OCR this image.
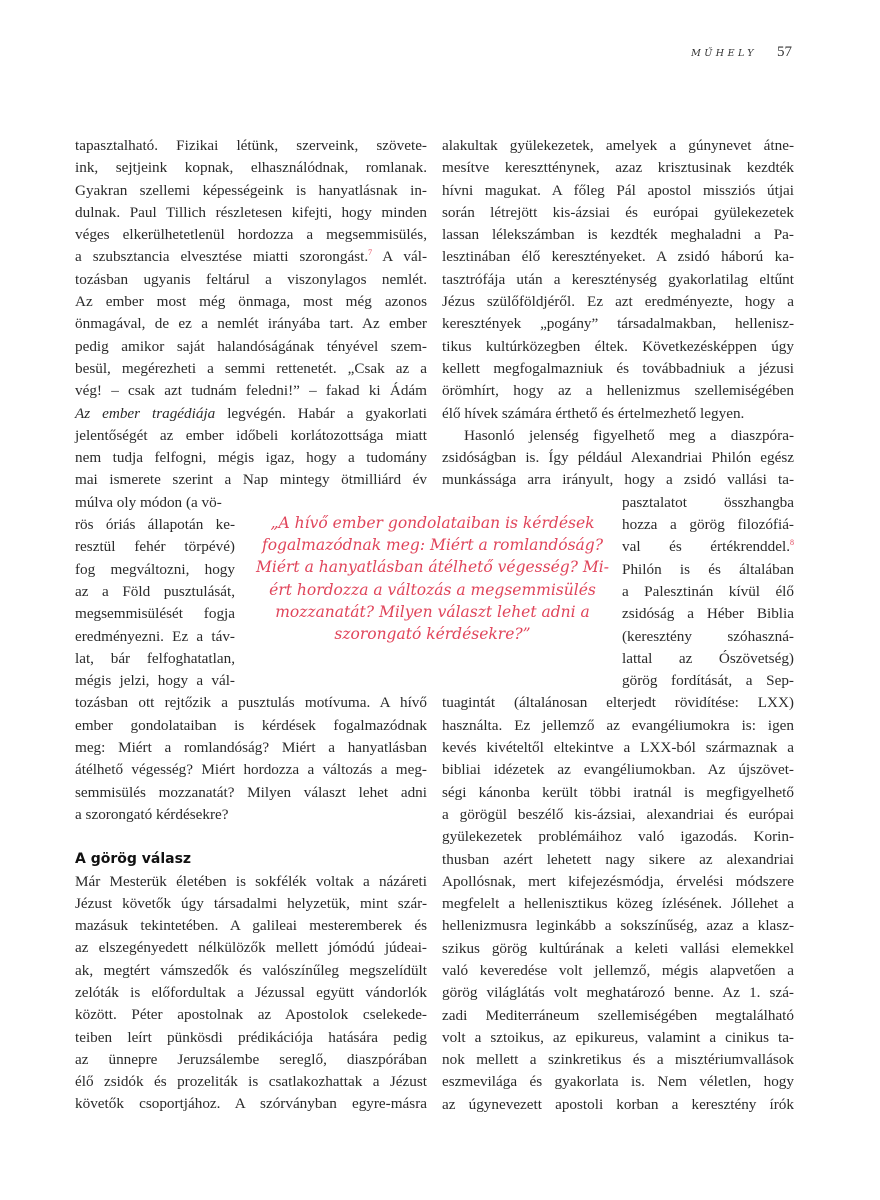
MŰHELY 57
tapasztalható. Fizikai létünk, szerveink, szövete-
ink, sejtjeink kopnak, elhasználódnak, romlanak.
Gyakran szellemi képességeink is hanyatlásnak in-
dulnak. Paul Tillich részletesen kifejti, hogy minden
véges elkerülhetetlenül hordozza a megsemmisülés,
a szubsztancia elvesztése miatti szorongást.$^7$ A vál-
tozásban ugyanis feltárul a viszonylagos nemlét.
Az ember most még önmaga, most még azonos
önmagával, de ez a nemlét irányába tart. Az ember
pedig amikor saját halandóságának tényével szem-
besül, megérezheti a semmi rettenetét. „Csak az a
vég! – csak azt tudnám feledni!” – fakad ki Ádám
Az ember tragédiája legvégén. Habár a gyakorlati
jelentőségét az ember időbeli korlátozottsága miatt
nem tudja felfogni, mégis igaz, hogy a tudomány
mai ismerete szerint a Nap mintegy ötmilliárd év
múlva oly módon (a vö-
rös óriás állapotán ke-
resztül fehér törpévé)
fog megváltozni, hogy
az a Föld pusztulását,
megsemmisülését fogja
eredményezni. Ez a táv-
lat, bár felfoghatatlan,
mégis jelzi, hogy a vál-
tozásban ott rejtőzik a pusztulás motívuma. A hívő
ember gondolataiban is kérdések fogalmazódnak
meg: Miért a romlandóság? Miért a hanyatlásban
átélhető végesség? Miért hordozza a változás a meg-
semmisülés mozzanatát? Milyen választ lehet adni
a szorongató kérdésekre?
A görög válasz
Már Mesterük életében is sokfélék voltak a názáreti
Jézust követők úgy társadalmi helyzetük, mint szár-
mazásuk tekintetében. A galileai mesteremberek és
az elszegényedett nélkülözők mellett jómódú júdeai-
ak, megtért vámszedők és valószínűleg megszelídült
zelóták is előfordultak a Jézussal együtt vándorlók
között. Péter apostolnak az Apostolok cselekede-
teiben leírt pünkösdi prédikációja hatására pedig
az ünnepre Jeruzsálembe sereglő, diaszpórában
élő zsidók és prozeliták is csatlakozhattak a Jézust
követők csoportjához. A szórványban egyre-másra
alakultak gyülekezetek, amelyek a gúnynevet átne-
mesítve keresztténynek, azaz krisztusinak kezdték
hívni magukat. A főleg Pál apostol missziós útjai
során létrejött kis-ázsiai és európai gyülekezetek
lassan lélekszámban is kezdték meghaladni a Pa-
lesztinában élő keresztényeket. A zsidó háború ka-
tasztrófája után a kereszténység gyakorlatilag eltűnt
Jézus szülőföldjéről. Ez azt eredményezte, hogy a
keresztények „pogány” társadalmakban, hellenisz-
tikus kultúrközegben éltek. Következésképpen úgy
kellett megfogalmazniuk és továbbadniuk a jézusi
örömhírt, hogy az a hellenizmus szellemiségében
élő hívek számára érthető és értelmezhető legyen.
Hasonló jelenség figyelhető meg a diaszpóra-
zsidóságban is. Így például Alexandriai Philón egész
munkássága arra irányult, hogy a zsidó vallási ta-
pasztalatot összhangba
hozza a görög filozófiá-
val és értékrenddel.$^8$
Philón is és általában
a Palesztinán kívül élő
zsidóság a Héber Biblia
(keresztény szóhaszná-
lattal az Ószövetség)
görög fordítását, a Sep-
tuagintát (általánosan elterjedt rövidítése: LXX)
használta. Ez jellemző az evangéliumokra is: igen
kevés kivételtől eltekintve a LXX-ból származnak a
bibliai idézetek az evangéliumokban. Az újszövet-
ségi kánonba került többi iratnál is megfigyelhető
a görögül beszélő kis-ázsiai, alexandriai és európai
gyülekezetek problémáihoz való igazodás. Korin-
thusban azért lehetett nagy sikere az alexandriai
Apollósnak, mert kifejezésmódja, érvelési módszere
megfelelt a hellenisztikus közeg ízlésének. Jóllehet a
hellenizmusra leginkább a sokszínűség, azaz a klasz-
szikus görög kultúrának a keleti vallási elemekkel
való keveredése volt jellemző, mégis alapvetően a
görög világlátás volt meghatározó benne. Az 1. szá-
zadi Mediterráneum szellemiségében megtalálható
volt a sztoikus, az epikureus, valamint a cinikus ta-
nok mellett a szinkretikus és a misztériumvallások
eszmevilága és gyakorlata is. Nem véletlen, hogy
az úgynevezett apostoli korban a keresztény írók
„A hívő ember gondolataiban is kérdések
fogalmazódnak meg: Miért a romlandóság?
Miért a hanyatlásban átélhető végesség? Mi-
ért hordozza a változás a megsemmisülés
mozzanatát? Milyen választ lehet adni a
szorongató kérdésekre?”
